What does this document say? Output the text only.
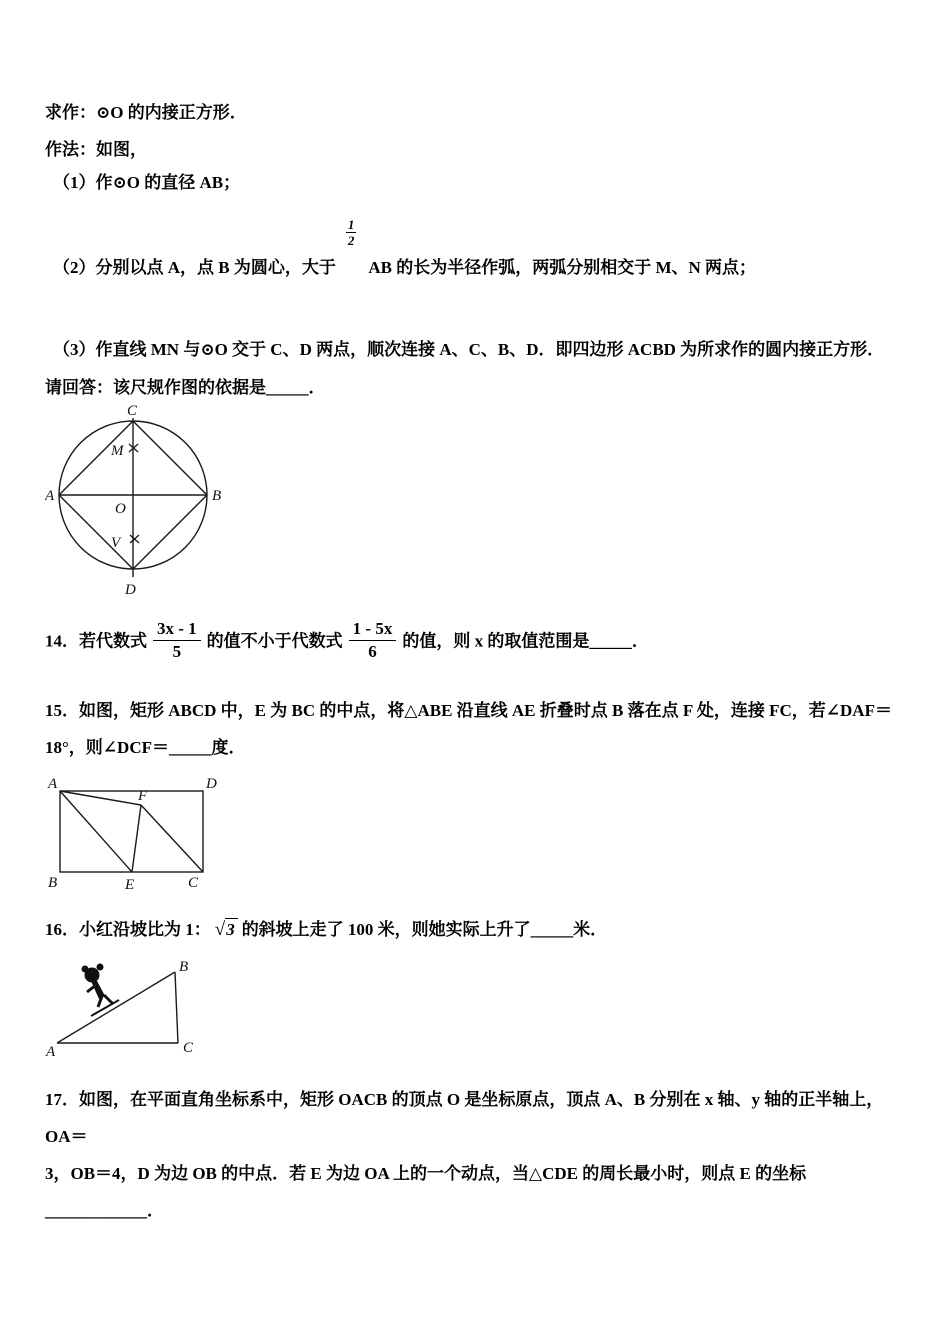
求作：⊙O 的内接正方形．

作法：如图，

（1）作⊙O 的直径 AB；

（2）分别以点 A，点 B 为圆心，大于
$\frac{1}{2}$
AB 的长为半径作弧，两弧分别相交于 M、N 两点；

（3）作直线 MN 与⊙O 交于 C、D 两点，顺次连接 A、C、B、D．即四边形 ACBD 为所求作的圆内接正方形．

请回答：该尺规作图的依据是_____．

C
M
A
O
B
V
D

14．若代数式 $\frac{3x - 1}{5}$ 的值不小于代数式 $\frac{1 - 5x}{6}$ 的值，则 x 的取值范围是_____．

15．如图，矩形 ABCD 中，E 为 BC 的中点，将△ABE 沿直线 AE 折叠时点 B 落在点 F 处，连接 FC，若∠DAF＝

18°，则∠DCF＝_____度．

A	D
F
B	E	C

16．小红沿坡比为 1： √3 的斜坡上走了 100 米，则她实际上升了_____米．

B
A	C

17．如图，在平面直角坐标系中，矩形 OACB 的顶点 O 是坐标原点，顶点 A、B 分别在 x 轴、y 轴的正半轴上，OA＝
3，OB＝4，D 为边 OB 的中点．若 E 为边 OA 上的一个动点，当△CDE 的周长最小时，则点 E 的坐标____________．
